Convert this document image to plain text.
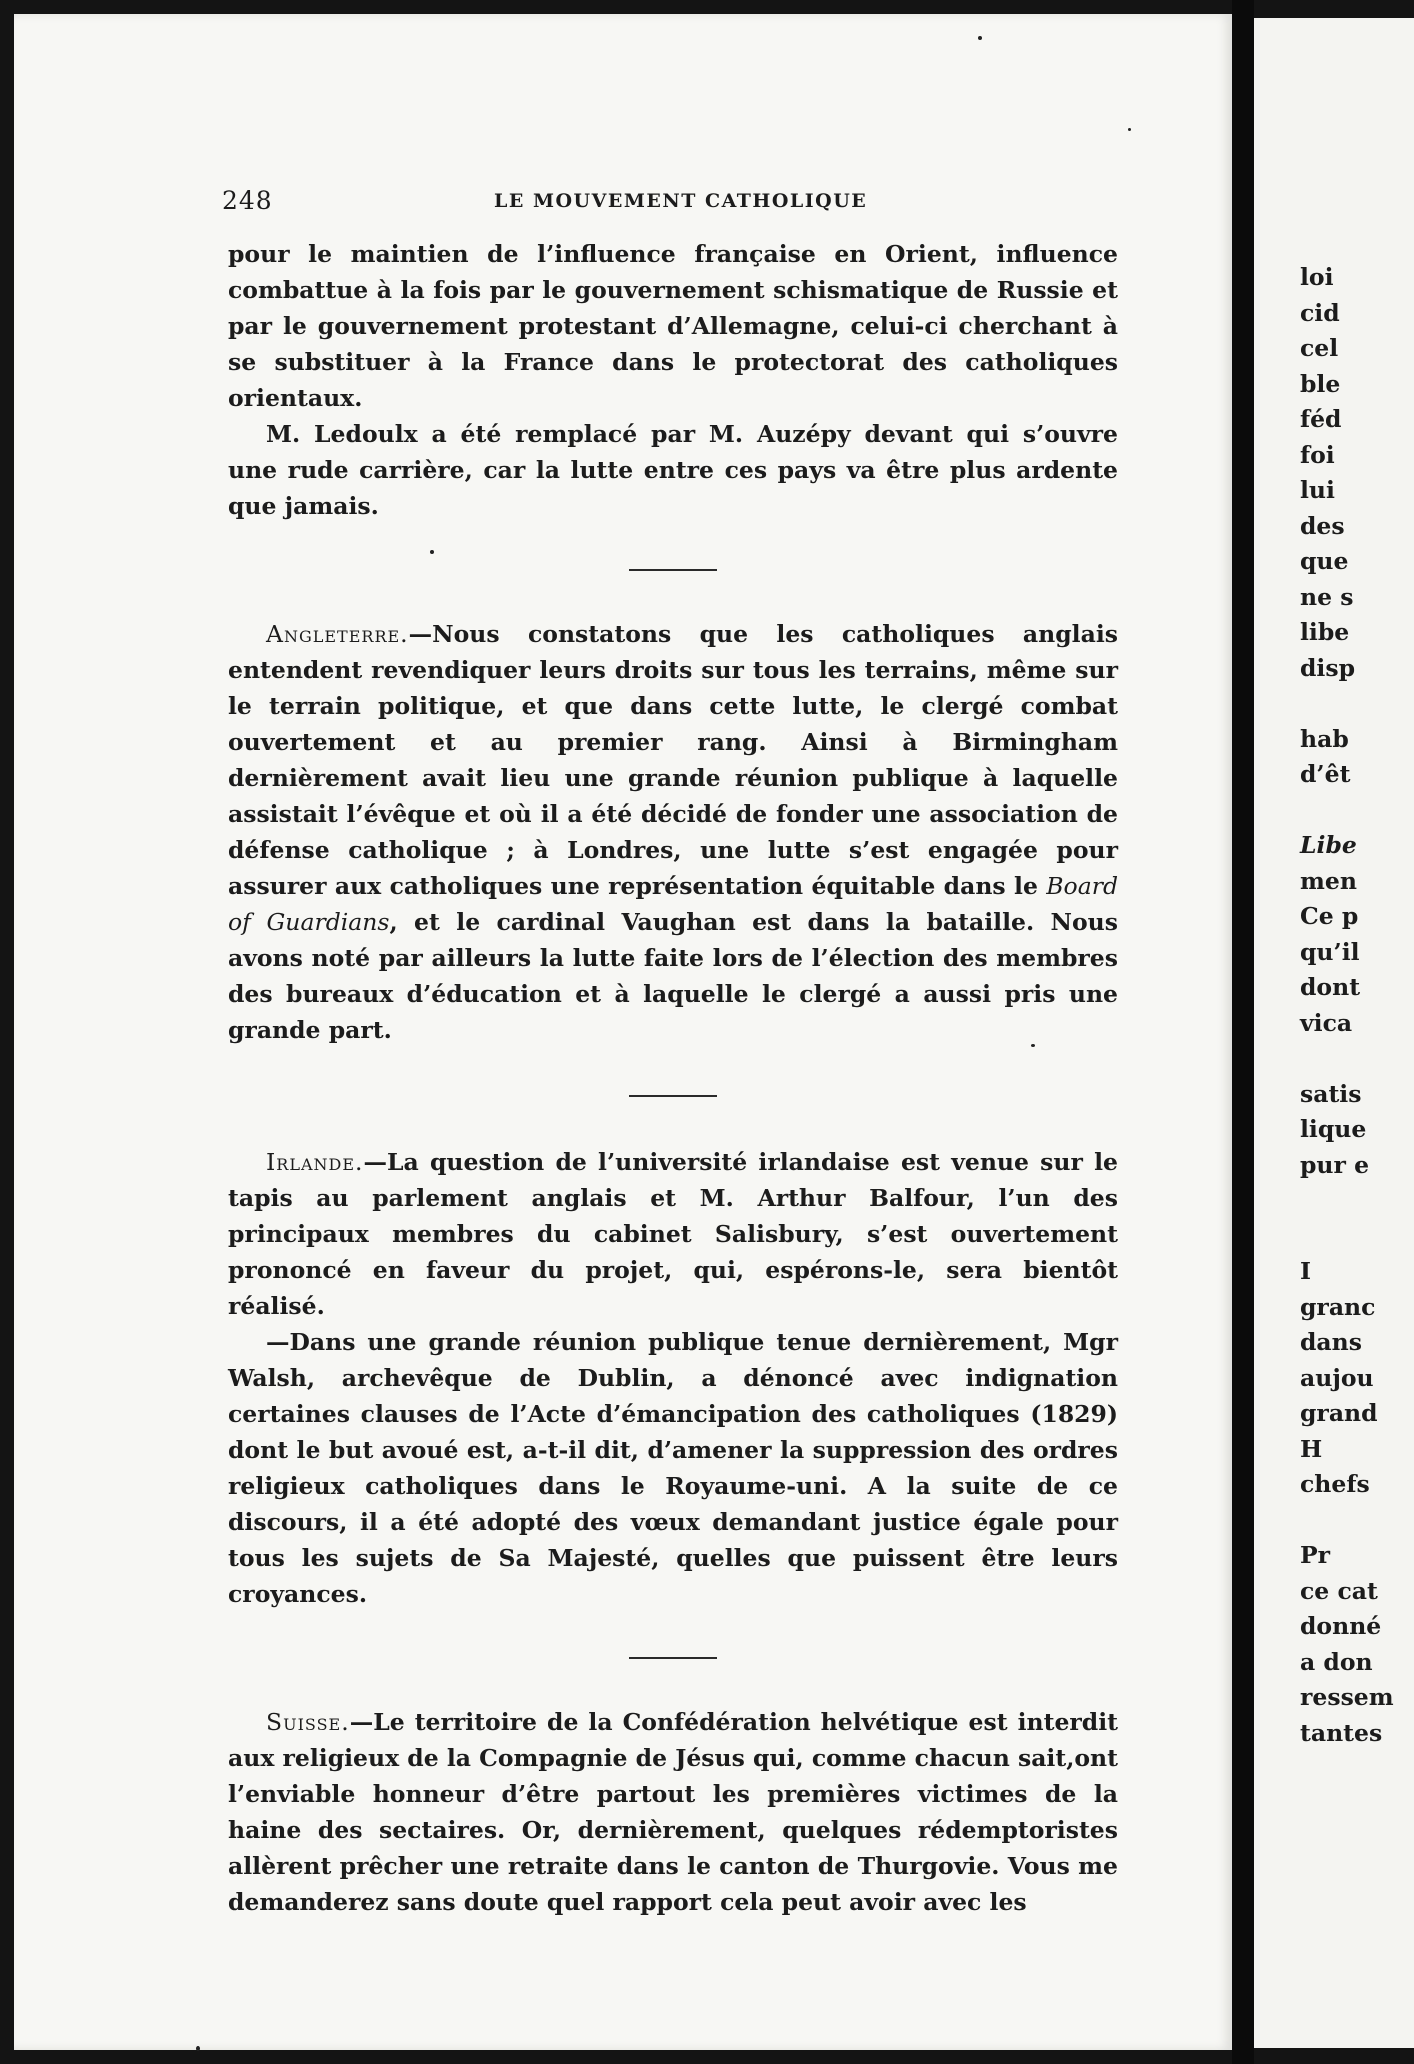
248	LE MOUVEMENT CATHOLIQUE

pour le maintien de l’influence française en Orient, influence combattue à la fois par le gouvernement schismatique de Russie et par le gouvernement protestant d’Allemagne, celui-ci cherchant à se substituer à la France dans le protectorat des catholiques orientaux.

M. Ledoulx a été remplacé par M. Auzépy devant qui s’ouvre une rude carrière, car la lutte entre ces pays va être plus ardente que jamais.

Angleterre.—Nous constatons que les catholiques anglais entendent revendiquer leurs droits sur tous les terrains, même sur le terrain politique, et que dans cette lutte, le clergé combat ouvertement et au premier rang. Ainsi à Birmingham dernièrement avait lieu une grande réunion publique à laquelle assistait l’évêque et où il a été décidé de fonder une association de défense catholique ; à Londres, une lutte s’est engagée pour assurer aux catholiques une représentation équitable dans le Board of Guardians, et le cardinal Vaughan est dans la bataille. Nous avons noté par ailleurs la lutte faite lors de l’élection des membres des bureaux d’éducation et à laquelle le clergé a aussi pris une grande part.

Irlande.—La question de l’université irlandaise est venue sur le tapis au parlement anglais et M. Arthur Balfour, l’un des principaux membres du cabinet Salisbury, s’est ouvertement prononcé en faveur du projet, qui, espérons-le, sera bientôt réalisé.

—Dans une grande réunion publique tenue dernièrement, Mgr Walsh, archevêque de Dublin, a dénoncé avec indignation certaines clauses de l’Acte d’émancipation des catholiques (1829) dont le but avoué est, a-t-il dit, d’amener la suppression des ordres religieux catholiques dans le Royaume-uni. A la suite de ce discours, il a été adopté des vœux demandant justice égale pour tous les sujets de Sa Majesté, quelles que puissent être leurs croyances.

Suisse.—Le territoire de la Confédération helvétique est interdit aux religieux de la Compagnie de Jésus qui, comme chacun sait,ont l’enviable honneur d’être partout les premières victimes de la haine des sectaires. Or, dernièrement, quelques rédemptoristes allèrent prêcher une retraite dans le canton de Thurgovie. Vous me demanderez sans doute quel rapport cela peut avoir avec les

loi
cid
cel
ble
féd
foi
lui
des
que
ne s
libe
disp
hab
d’êt
Libe
men
Ce p
qu’il
dont
vica
satis
lique
pur e
I
granc
dans
aujou
grand
H
chefs
Pr
ce cat
donné
a don
ressem
tantes
